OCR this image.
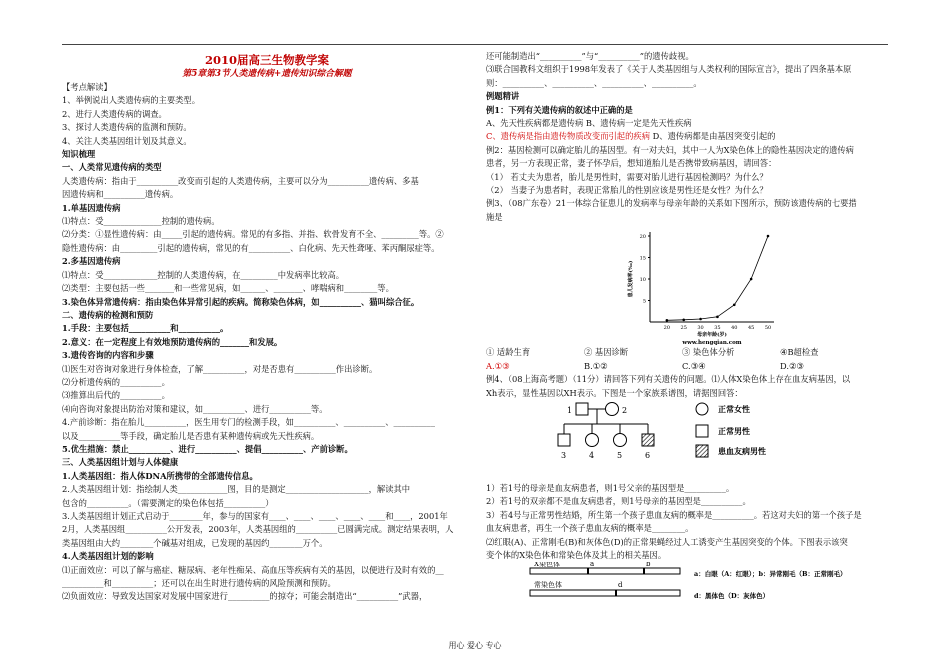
2010届高三生物教学案
第5章第3节人类遗传病+遗传知识综合解题
【考点解读】
1、举例说出人类遗传病的主要类型。
2、进行人类遗传病的调查。
3、探讨人类遗传病的监测和预防。
4、关注人类基因组计划及其意义。
知识梳理
一、人类常见遗传病的类型
人类遗传病：指由于__________改变而引起的人类遗传病，主要可以分为__________遗传病、多基
因遗传病和__________遗传病。
1.单基因遗传病
⑴特点：受______________控制的遗传病。
⑵分类：①显性遗传病：由_____引起的遗传病。常见的有多指、并指、软骨发育不全、_________等。②
隐性遗传病：由_________引起的遗传病，常见的有__________、白化病、先天性聋哑、苯丙酮尿症等。
2.多基因遗传病
⑴特点：受_____________控制的人类遗传病，在_________中发病率比较高。
⑵类型：主要包括一些_______和一些常见病，如______、_______、哮喘病和________等。
3.染色体异常遗传病：指由染色体异常引起的疾病。简称染色体病，如__________、猫叫综合征。
二、遗传病的检测和预防
1.手段：主要包括__________和__________。
2.意义：在一定程度上有效地预防遗传病的_______和发展。
3.遗传咨询的内容和步骤
⑴医生对咨询对象进行身体检查，了解__________，对是否患有__________作出诊断。
⑵分析遗传病的__________。
⑶推算出后代的__________。
⑷向咨询对象提出防治对策和建议，如__________、进行__________等。
4.产前诊断：指在胎儿__________，医生用专门的检测手段，如__________、__________、__________
以及__________等手段，确定胎儿是否患有某种遗传病或先天性疾病。
5.优生措施：禁止__________、进行__________、提倡__________、产前诊断。
三、人类基因组计划与人体健康
1.人类基因组：指人体DNA所携带的全部遗传信息。
2.人类基因组计划：指绘制人类____________图，目的是测定____________________，解读其中
包含的__________。（需要测定的染色体包括__________）
3.人类基因组计划正式启动于________年，参与的国家有____、____、____、____、____和____，2001年
2月，人类基因组__________公开发表，2003年，人类基因组的__________已圆满完成。测定结果表明，人
类基因组由大约________个碱基对组成，已发现的基因约________万个。
4.人类基因组计划的影响
⑴正面效应：可以了解与癌症、糖尿病、老年性痴呆、高血压等疾病有关的基因，以便进行及时有效的__
__________和__________；还可以在出生时进行遗传病的风险预测和预防。
⑵负面效应：导致发达国家对发展中国家进行__________的掠夺；可能会制造出“__________”武器，
还可能制造出“__________”与“__________”的遗传歧视。
⑶联合国教科文组织于1998年发表了《关于人类基因组与人类权利的国际宣言》，提出了四条基本原
则：__________、__________、__________、__________。
例题精讲
例1：下列有关遗传病的叙述中正确的是
A、先天性疾病都是遗传病 B、遗传病一定是先天性疾病
C、遗传病是指由遗传物质改变而引起的疾病 D、遗传病都是由基因突变引起的
例2：基因检测可以确定胎儿的基因型。有一对夫妇，其中一人为X染色体上的隐性基因决定的遗传病
患者，另一方表现正常，妻子怀孕后，想知道胎儿是否携带致病基因，请回答：
（1） 若丈夫为患者，胎儿是男性时，需要对胎儿进行基因检测吗？为什么？
（2） 当妻子为患者时，表现正常胎儿的性别应该是男性还是女性？为什么？
例3、（08广东卷）21一体综合征患儿的发病率与母亲年龄的关系如下图所示，预防该遗传病的七要措
施是
20
15
10
5
20 25 30 35 40 45 50
患儿发病率(‰)
母亲年龄(岁)
www.hengqian.com
① 适龄生育	② 基因诊断	③ 染色体分析	④B超检查
A.①③	B.①②	C.③④	D.②③
例4、（08上海高考题）（11分）请回答下列有关遗传的问题。⑴人体X染色体上存在血友病基因，以
Xh表示，显性基因以XH表示。下图是一个家族系谱图，请据图回答：
1	2
3	4	5	6
正常女性
正常男性
患血友病男性
1）若1号的母亲是血友病患者，则1号父亲的基因型是__________。
2）若1号的双亲都不是血友病患者，则1号母亲的基因型是__________。
3）若4号与正常男性结婚，所生第一个孩子患血友病的概率是__________。若这对夫妇的第一个孩子是
血友病患者，再生一个孩子患血友病的概率是________。
⑵红眼(A)、正常刚毛(B)和灰体色(D)的正常果蝇经过人工诱变产生基因突变的个体。下图表示该突
变个体的X染色体和常染色体及其上的相关基因。
X染色体	a	b
常染色体	d
a：白眼（A：红眼）；b：异常刚毛（B：正常刚毛）
d：黑体色（D：灰体色）
用心 爱心 专心
